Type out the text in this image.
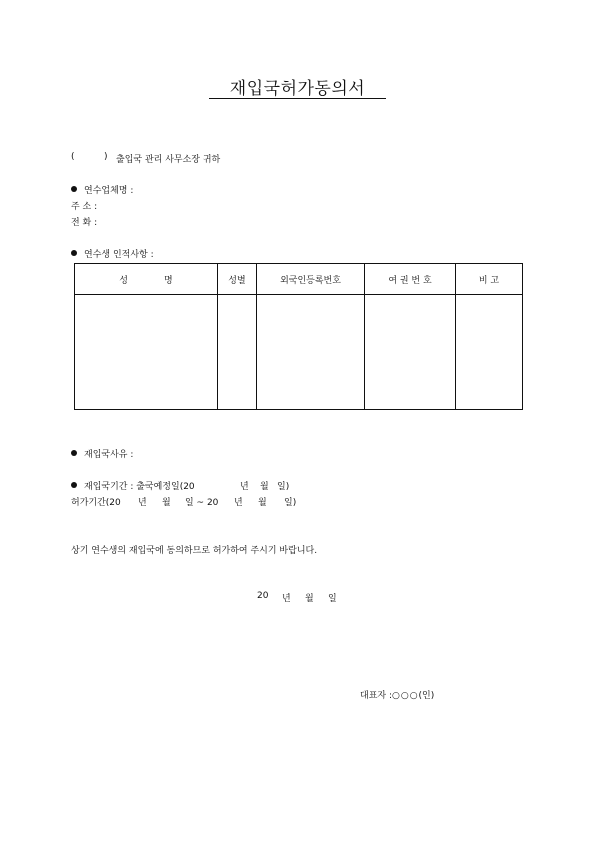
재입국허가동의서
(	) 출입국 관리 사무소장 귀하
연수업체명 :
주 소 :
전 화 :
연수생 인적사항 :
성 명	성별	외국인등록번호	여 권 번 호	비 고

재입국사유 :
재입국기간 : 출국예정일(20	년 월 일)
허가기간(20 년 월 일 ~ 20 년 월 일)
상기 연수생의 재입국에 동의하므로 허가하여 주시기 바랍니다.
20 년 월 일
대표자 :○○○(인)
